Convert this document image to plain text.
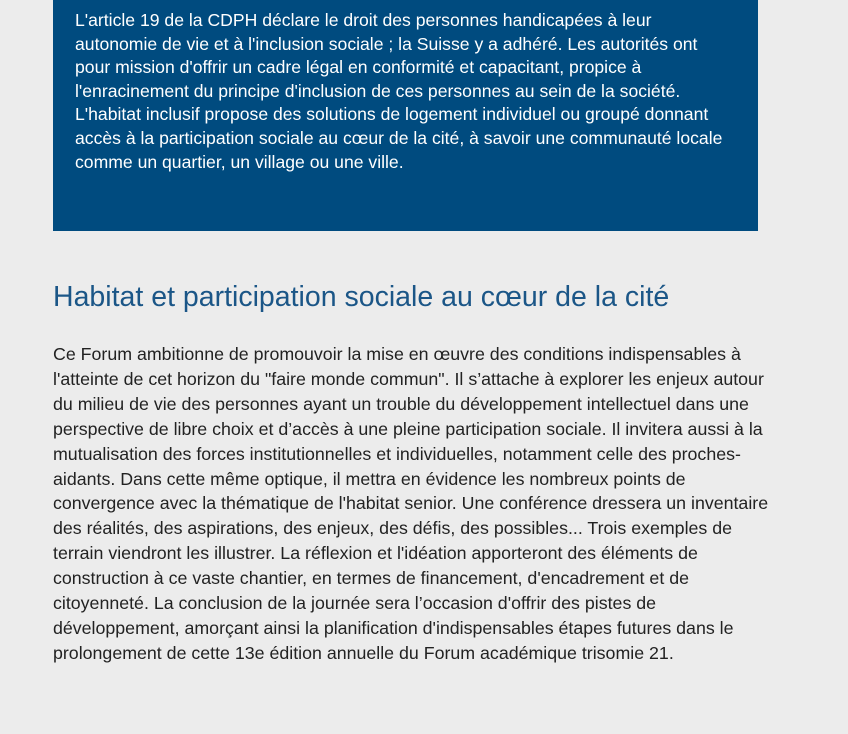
L'article 19 de la CDPH déclare le droit des personnes handicapées à leur autonomie de vie et à l'inclusion sociale ; la Suisse y a adhéré. Les autorités ont pour mission d'offrir un cadre légal en conformité et capacitant, propice à l'enracinement du principe d'inclusion de ces personnes au sein de la société. L'habitat inclusif propose des solutions de logement individuel ou groupé donnant accès à la participation sociale au cœur de la cité, à savoir une communauté locale comme un quartier, un village ou une ville.

Habitat et participation sociale au cœur de la cité

Ce Forum ambitionne de promouvoir la mise en œuvre des conditions indispensables à l'atteinte de cet horizon du "faire monde commun". Il s’attache à explorer les enjeux autour du milieu de vie des personnes ayant un trouble du développement intellectuel dans une perspective de libre choix et d’accès à une pleine participation sociale. Il invitera aussi à la mutualisation des forces institutionnelles et individuelles, notamment celle des proches-aidants. Dans cette même optique, il mettra en évidence les nombreux points de convergence avec la thématique de l'habitat senior. Une conférence dressera un inventaire des réalités, des aspirations, des enjeux, des défis, des possibles... Trois exemples de terrain viendront les illustrer. La réflexion et l'idéation apporteront des éléments de construction à ce vaste chantier, en termes de financement, d'encadrement et de citoyenneté. La conclusion de la journée sera l’occasion d'offrir des pistes de développement, amorçant ainsi la planification d'indispensables étapes futures dans le prolongement de cette 13e édition annuelle du Forum académique trisomie 21.
